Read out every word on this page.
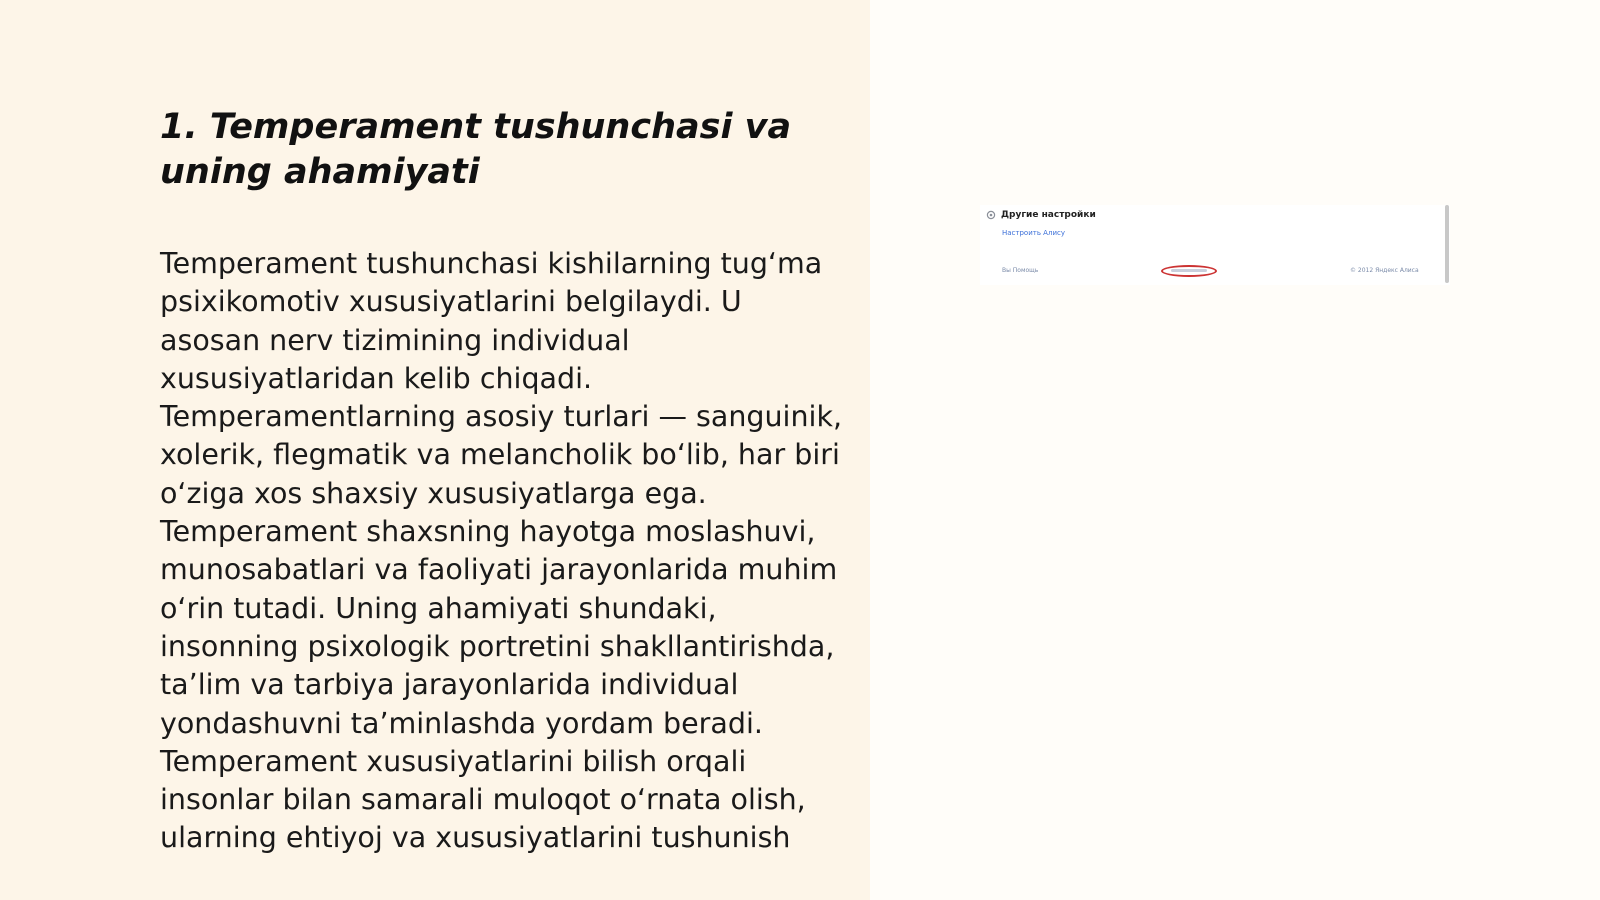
1. Temperament tushunchasi va uning ahamiyati

Temperament tushunchasi kishilarning tugʻma psixikomotiv xususiyatlarini belgilaydi. U asosan nerv tizimining individual xususiyatlaridan kelib chiqadi. Temperamentlarning asosiy turlari — sanguinik, xolerik, flegmatik va melancholik boʻlib, har biri oʻziga xos shaxsiy xususiyatlarga ega. Temperament shaxsning hayotga moslashuvi, munosabatlari va faoliyati jarayonlarida muhim oʻrin tutadi. Uning ahamiyati shundaki, insonning psixologik portretini shakllantirishda, taʼlim va tarbiya jarayonlarida individual yondashuvni taʼminlashda yordam beradi. Temperament xususiyatlarini bilish orqali insonlar bilan samarali muloqot oʻrnata olish, ularning ehtiyoj va xususiyatlarini tushunish

Другие настройки
Настроить Алису
Вы Помощь	© 2012 Яндекс Алиса
